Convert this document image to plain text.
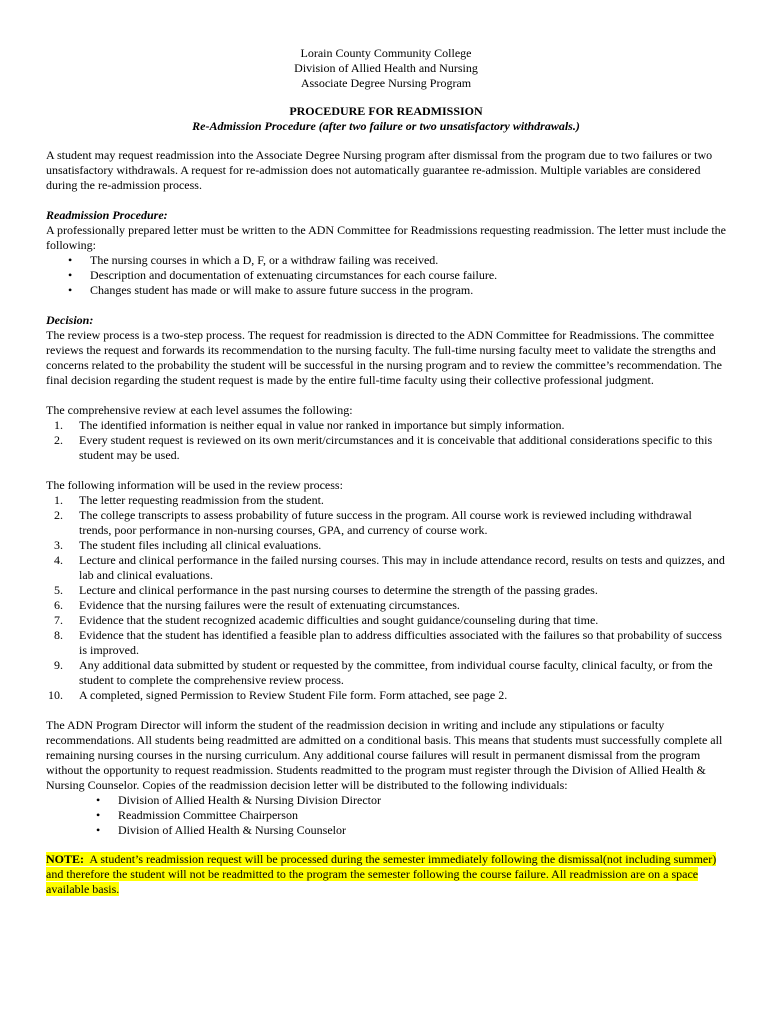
Lorain County Community College
Division of Allied Health and Nursing
Associate Degree Nursing Program
PROCEDURE FOR READMISSION
Re-Admission Procedure (after two failure or two unsatisfactory withdrawals.)

A student may request readmission into the Associate Degree Nursing program after dismissal from the program due to two failures or two unsatisfactory withdrawals. A request for re-admission does not automatically guarantee re-admission. Multiple variables are considered during the re-admission process.

Readmission Procedure:

A professionally prepared letter must be written to the ADN Committee for Readmissions requesting readmission. The letter must include the following:

• The nursing courses in which a D, F, or a withdraw failing was received.
• Description and documentation of extenuating circumstances for each course failure.
• Changes student has made or will make to assure future success in the program.
Decision:

The review process is a two-step process. The request for readmission is directed to the ADN Committee for Readmissions. The committee reviews the request and forwards its recommendation to the nursing faculty. The full-time nursing faculty meet to validate the strengths and concerns related to the probability the student will be successful in the nursing program and to review the committee’s recommendation. The final decision regarding the student request is made by the entire full-time faculty using their collective professional judgment.

The comprehensive review at each level assumes the following:

1. The identified information is neither equal in value nor ranked in importance but simply information.
2. Every student request is reviewed on its own merit/circumstances and it is conceivable that additional considerations specific to this student may be used.

The following information will be used in the review process:

1. The letter requesting readmission from the student.
2. The college transcripts to assess probability of future success in the program. All course work is reviewed including withdrawal trends, poor performance in non-nursing courses, GPA, and currency of course work.
3. The student files including all clinical evaluations.
4. Lecture and clinical performance in the failed nursing courses. This may in include attendance record, results on tests and quizzes, and lab and clinical evaluations.
5. Lecture and clinical performance in the past nursing courses to determine the strength of the passing grades.
6. Evidence that the nursing failures were the result of extenuating circumstances.
7. Evidence that the student recognized academic difficulties and sought guidance/counseling during that time.
8. Evidence that the student has identified a feasible plan to address difficulties associated with the failures so that probability of success is improved.
9. Any additional data submitted by student or requested by the committee, from individual course faculty, clinical faculty, or from the student to complete the comprehensive review process.
10. A completed, signed Permission to Review Student File form. Form attached, see page 2.

The ADN Program Director will inform the student of the readmission decision in writing and include any stipulations or faculty recommendations. All students being readmitted are admitted on a conditional basis. This means that students must successfully complete all remaining nursing courses in the nursing curriculum. Any additional course failures will result in permanent dismissal from the program without the opportunity to request readmission. Students readmitted to the program must register through the Division of Allied Health & Nursing Counselor. Copies of the readmission decision letter will be distributed to the following individuals:

• Division of Allied Health & Nursing Division Director
• Readmission Committee Chairperson
• Division of Allied Health & Nursing Counselor

NOTE: A student’s readmission request will be processed during the semester immediately following the dismissal(not including summer) and therefore the student will not be readmitted to the program the semester following the course failure. All readmission are on a space available basis.
